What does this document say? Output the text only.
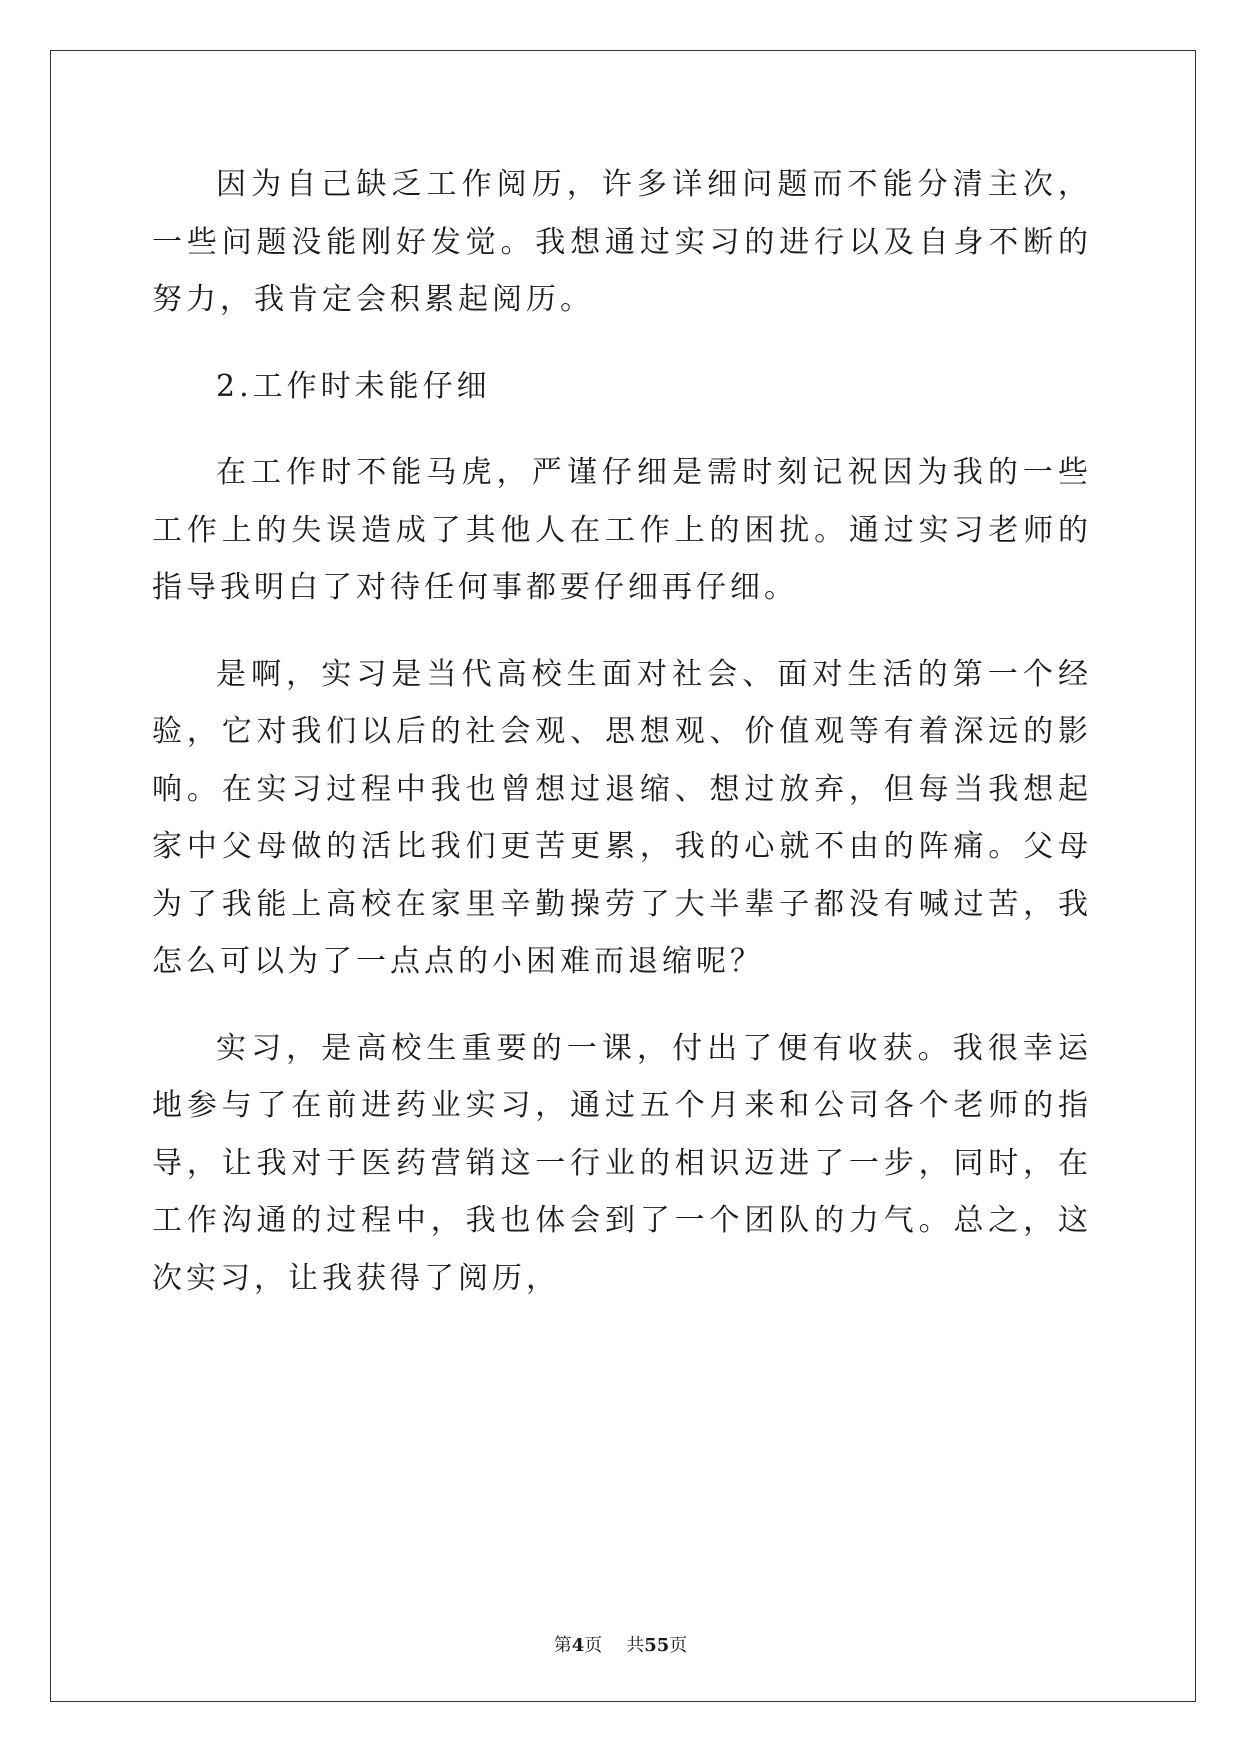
因为自己缺乏工作阅历，许多详细问题而不能分清主次，一些问题没能刚好发觉。我想通过实习的进行以及自身不断的努力，我肯定会积累起阅历。

2.工作时未能仔细

在工作时不能马虎，严谨仔细是需时刻记祝因为我的一些工作上的失误造成了其他人在工作上的困扰。通过实习老师的指导我明白了对待任何事都要仔细再仔细。

是啊，实习是当代高校生面对社会、面对生活的第一个经验，它对我们以后的社会观、思想观、价值观等有着深远的影响。在实习过程中我也曾想过退缩、想过放弃，但每当我想起家中父母做的活比我们更苦更累，我的心就不由的阵痛。父母为了我能上高校在家里辛勤操劳了大半辈子都没有喊过苦，我怎么可以为了一点点的小困难而退缩呢？

实习，是高校生重要的一课，付出了便有收获。我很幸运地参与了在前进药业实习，通过五个月来和公司各个老师的指导，让我对于医药营销这一行业的相识迈进了一步，同时，在工作沟通的过程中，我也体会到了一个团队的力气。总之，这次实习，让我获得了阅历，

第4页 共55页
